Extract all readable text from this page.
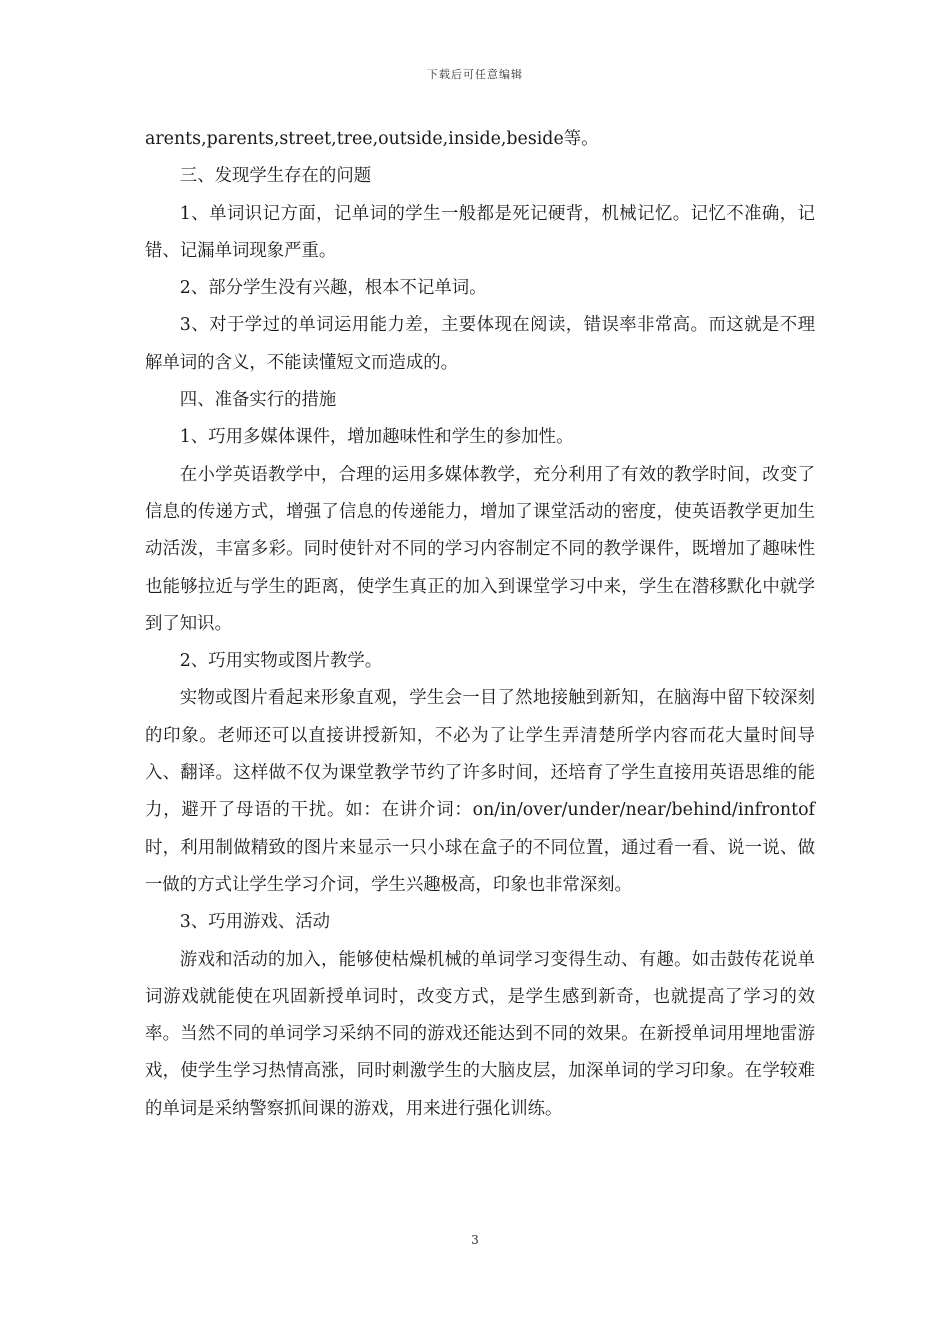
下载后可任意编辑

arents,parents,street,tree,outside,inside,beside等。

三、发现学生存在的问题

1、单词识记方面，记单词的学生一般都是死记硬背，机械记忆。记忆不准确，记错、记漏单词现象严重。

2、部分学生没有兴趣，根本不记单词。

3、对于学过的单词运用能力差，主要体现在阅读，错误率非常高。而这就是不理解单词的含义，不能读懂短文而造成的。

四、准备实行的措施

1、巧用多媒体课件，增加趣味性和学生的参加性。

在小学英语教学中，合理的运用多媒体教学，充分利用了有效的教学时间，改变了信息的传递方式，增强了信息的传递能力，增加了课堂活动的密度，使英语教学更加生动活泼，丰富多彩。同时使针对不同的学习内容制定不同的教学课件，既增加了趣味性也能够拉近与学生的距离，使学生真正的加入到课堂学习中来，学生在潜移默化中就学到了知识。

2、巧用实物或图片教学。

实物或图片看起来形象直观，学生会一目了然地接触到新知，在脑海中留下较深刻的印象。老师还可以直接讲授新知，不必为了让学生弄清楚所学内容而花大量时间导入、翻译。这样做不仅为课堂教学节约了许多时间，还培育了学生直接用英语思维的能力，避开了母语的干扰。如：在讲介词：on/in/over/under/near/behind/infrontof时，利用制做精致的图片来显示一只小球在盒子的不同位置，通过看一看、说一说、做一做的方式让学生学习介词，学生兴趣极高，印象也非常深刻。

3、巧用游戏、活动

游戏和活动的加入，能够使枯燥机械的单词学习变得生动、有趣。如击鼓传花说单词游戏就能使在巩固新授单词时，改变方式，是学生感到新奇，也就提高了学习的效率。当然不同的单词学习采纳不同的游戏还能达到不同的效果。在新授单词用埋地雷游戏，使学生学习热情高涨，同时刺激学生的大脑皮层，加深单词的学习印象。在学较难的单词是采纳警察抓间课的游戏，用来进行强化训练。

3
